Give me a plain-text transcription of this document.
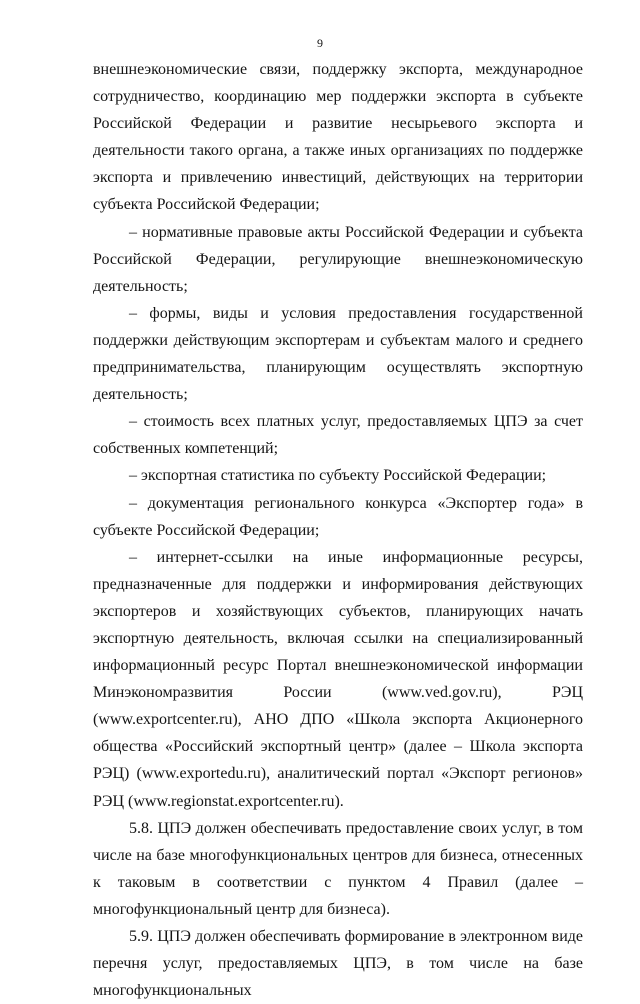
9

внешнеэкономические связи, поддержку экспорта, международное сотрудничество, координацию мер поддержки экспорта в субъекте Российской Федерации и развитие несырьевого экспорта и деятельности такого органа, а также иных организациях по поддержке экспорта и привлечению инвестиций, действующих на территории субъекта Российской Федерации;

– нормативные правовые акты Российской Федерации и субъекта Российской Федерации, регулирующие внешнеэкономическую деятельность;

– формы, виды и условия предоставления государственной поддержки действующим экспортерам и субъектам малого и среднего предпринимательства, планирующим осуществлять экспортную деятельность;

– стоимость всех платных услуг, предоставляемых ЦПЭ за счет собственных компетенций;

– экспортная статистика по субъекту Российской Федерации;

– документация регионального конкурса «Экспортер года» в субъекте Российской Федерации;

– интернет-ссылки на иные информационные ресурсы, предназначенные для поддержки и информирования действующих экспортеров и хозяйствующих субъектов, планирующих начать экспортную деятельность, включая ссылки на специализированный информационный ресурс Портал внешнеэкономической информации Минэкономразвития России (www.ved.gov.ru), РЭЦ (www.exportcenter.ru), АНО ДПО «Школа экспорта Акционерного общества «Российский экспортный центр» (далее – Школа экспорта РЭЦ) (www.exportedu.ru), аналитический портал «Экспорт регионов» РЭЦ (www.regionstat.exportcenter.ru).

5.8. ЦПЭ должен обеспечивать предоставление своих услуг, в том числе на базе многофункциональных центров для бизнеса, отнесенных к таковым в соответствии с пунктом 4 Правил (далее – многофункциональный центр для бизнеса).

5.9. ЦПЭ должен обеспечивать формирование в электронном виде перечня услуг, предоставляемых ЦПЭ, в том числе на базе многофункциональных
